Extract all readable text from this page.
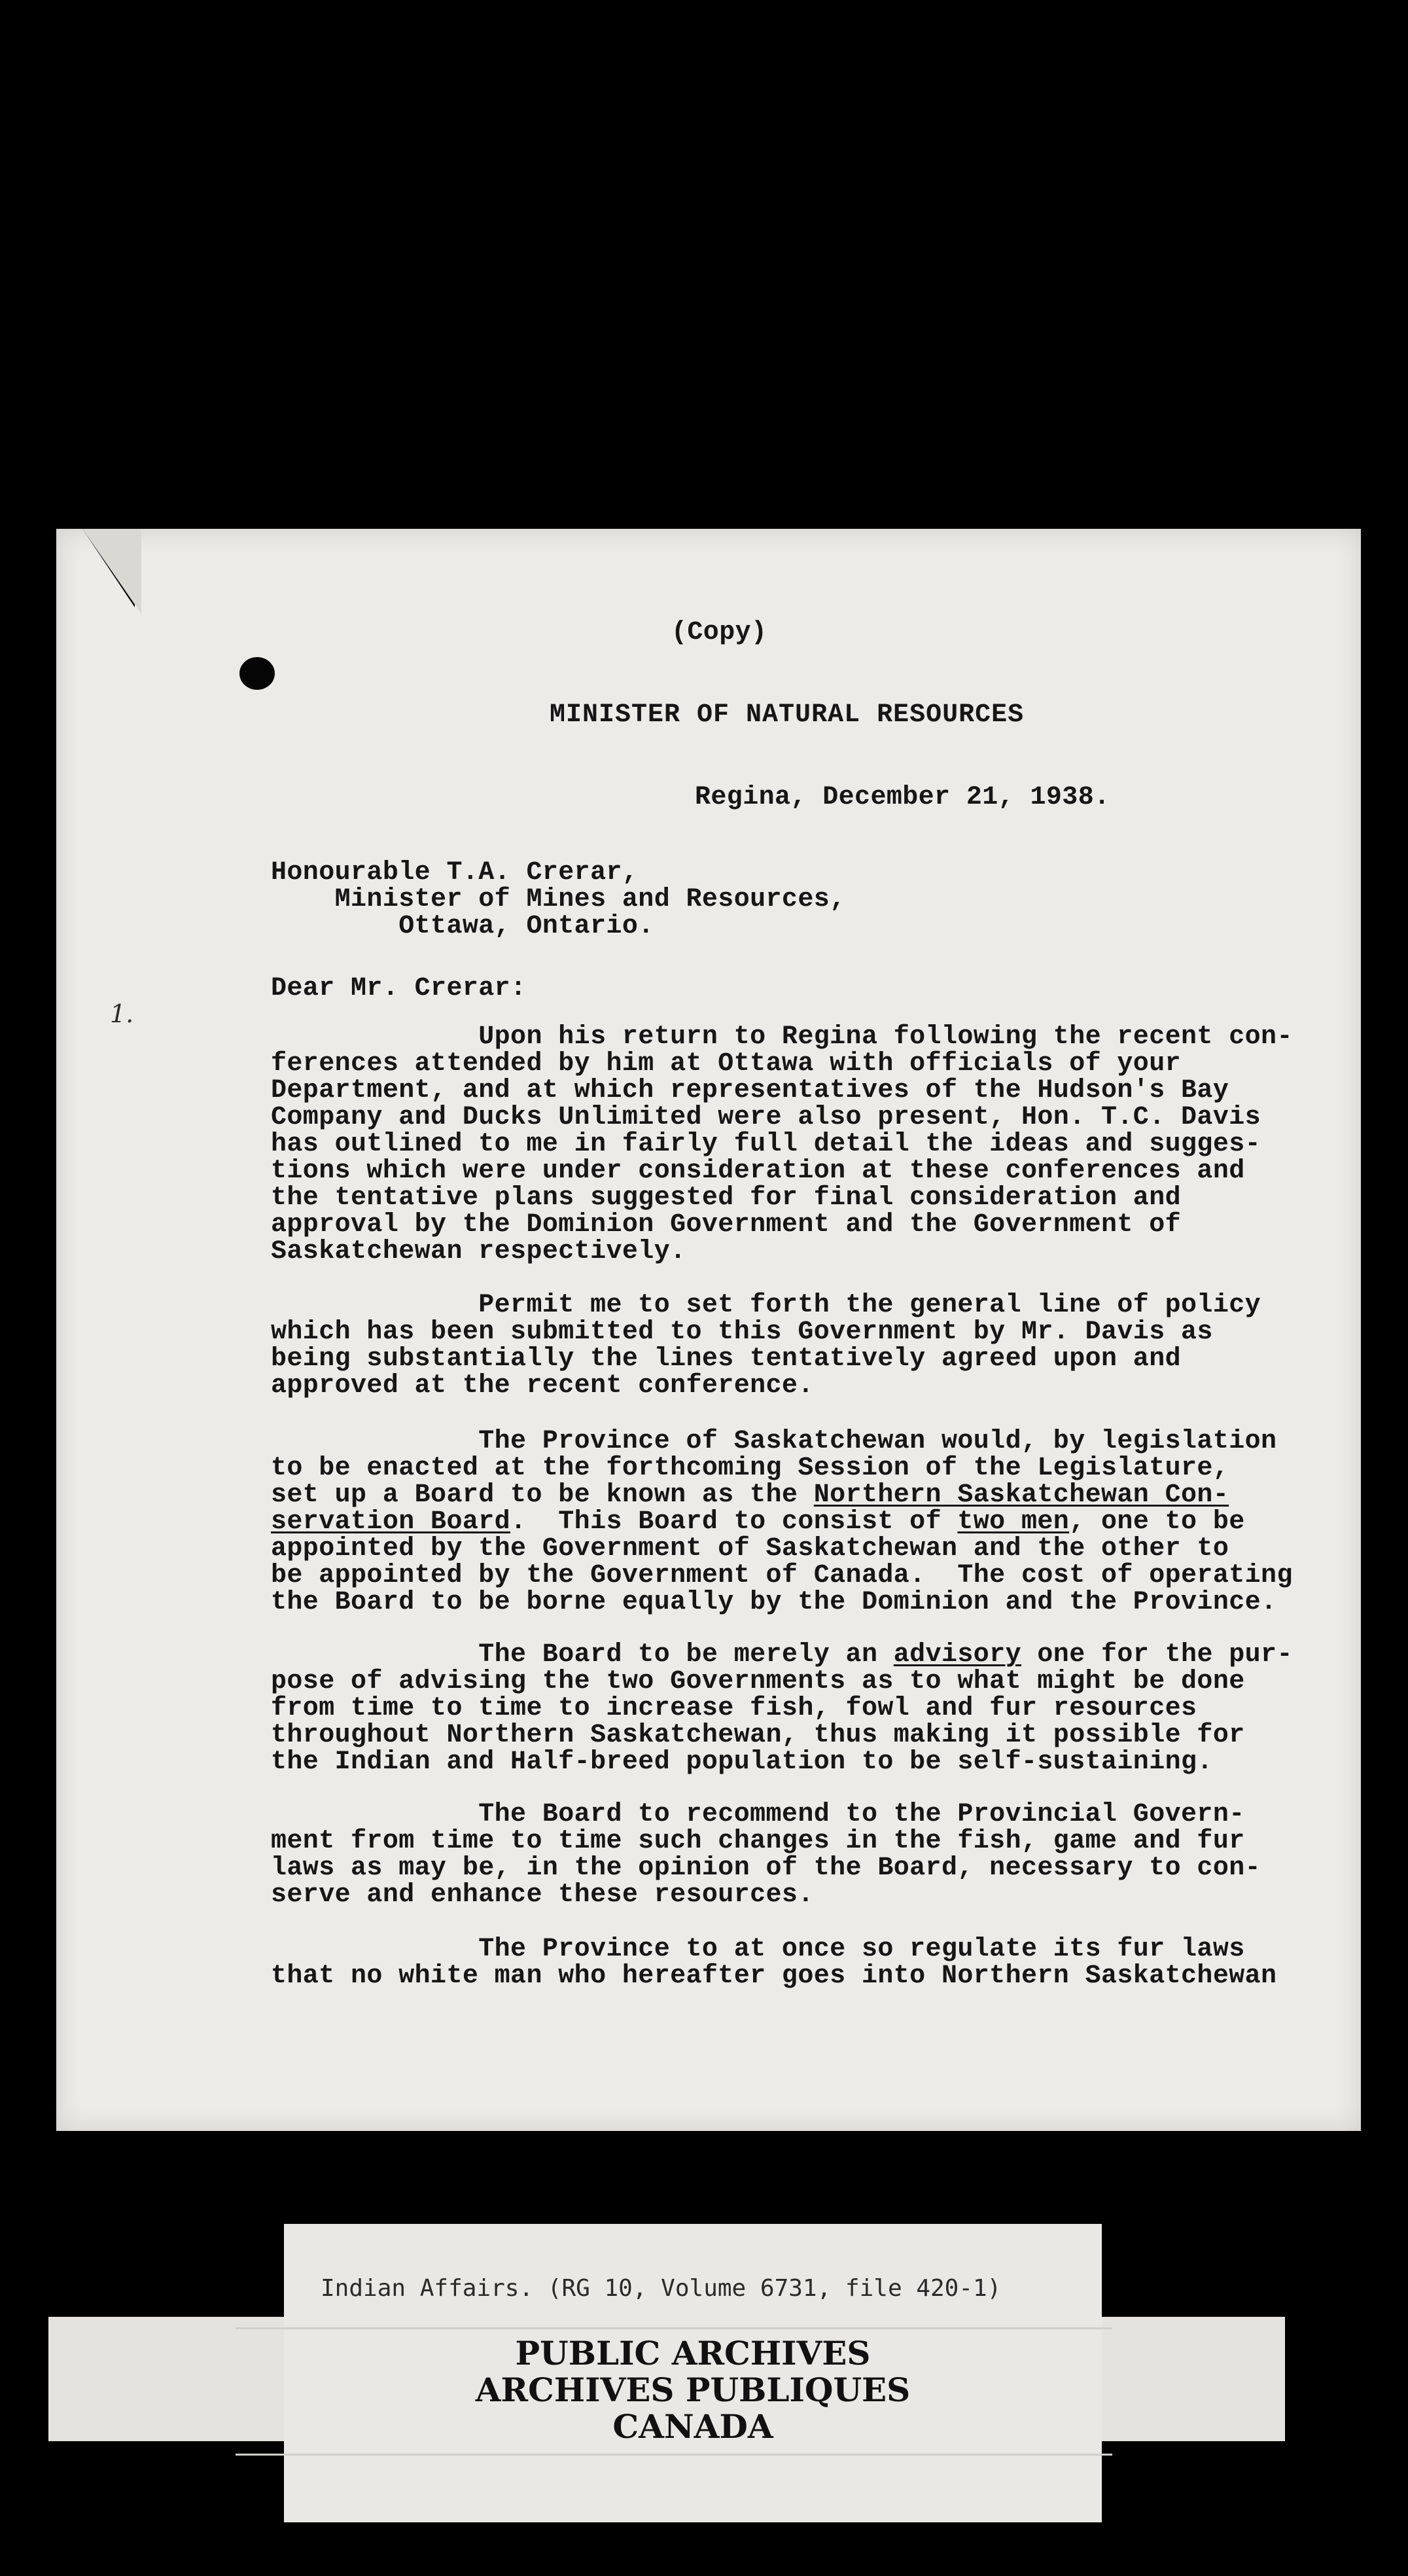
(Copy)
MINISTER OF NATURAL RESOURCES
Regina, December 21, 1938.
Honourable T.A. Crerar,
Minister of Mines and Resources,
Ottawa, Ontario.
Dear Mr. Crerar:
Upon his return to Regina following the recent con-
ferences attended by him at Ottawa with officials of your
Department, and at which representatives of the Hudson's Bay
Company and Ducks Unlimited were also present, Hon. T.C. Davis
has outlined to me in fairly full detail the ideas and sugges-
tions which were under consideration at these conferences and
the tentative plans suggested for final consideration and
approval by the Dominion Government and the Government of
Saskatchewan respectively.
Permit me to set forth the general line of policy
which has been submitted to this Government by Mr. Davis as
being substantially the lines tentatively agreed upon and
approved at the recent conference.
The Province of Saskatchewan would, by legislation
to be enacted at the forthcoming Session of the Legislature,
set up a Board to be known as the Northern Saskatchewan Con-
servation Board.  This Board to consist of two men, one to be
appointed by the Government of Saskatchewan and the other to
be appointed by the Government of Canada.  The cost of operating
the Board to be borne equally by the Dominion and the Province.
The Board to be merely an advisory one for the pur-
pose of advising the two Governments as to what might be done
from time to time to increase fish, fowl and fur resources
throughout Northern Saskatchewan, thus making it possible for
the Indian and Half-breed population to be self-sustaining.
The Board to recommend to the Provincial Govern-
ment from time to time such changes in the fish, game and fur
laws as may be, in the opinion of the Board, necessary to con-
serve and enhance these resources.
The Province to at once so regulate its fur laws
that no white man who hereafter goes into Northern Saskatchewan
1.
Indian Affairs. (RG 10, Volume 6731, file 420-1)
PUBLIC ARCHIVES
ARCHIVES PUBLIQUES
CANADA
